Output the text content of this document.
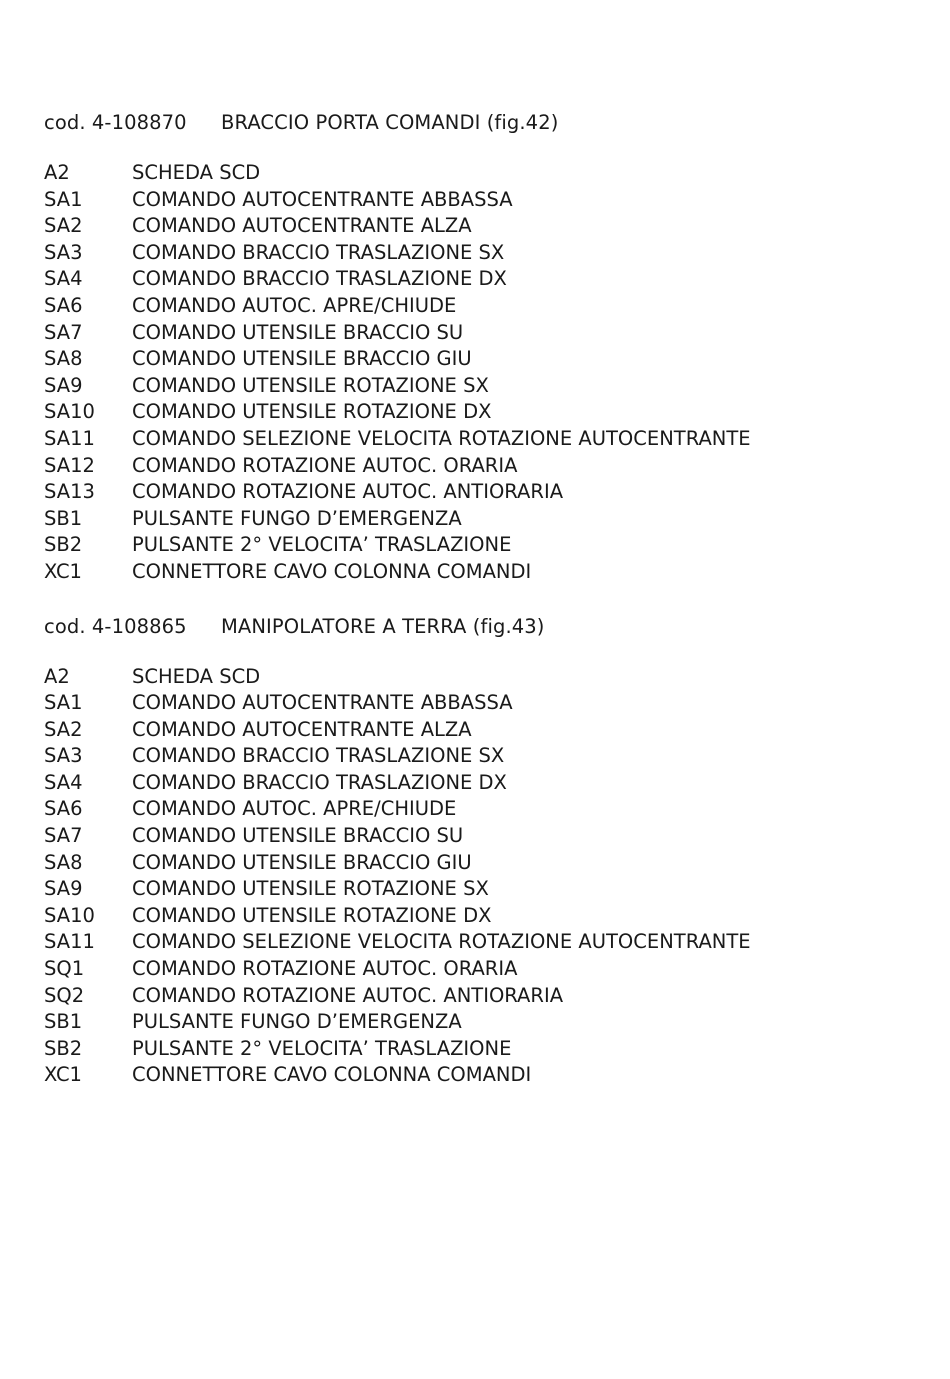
cod. 4-108870	BRACCIO PORTA COMANDI (fig.42)
A2	SCHEDA SCD
SA1	COMANDO AUTOCENTRANTE ABBASSA
SA2	COMANDO AUTOCENTRANTE ALZA
SA3	COMANDO BRACCIO TRASLAZIONE SX
SA4	COMANDO BRACCIO TRASLAZIONE DX
SA6	COMANDO AUTOC. APRE/CHIUDE
SA7	COMANDO UTENSILE BRACCIO SU
SA8	COMANDO UTENSILE BRACCIO GIU
SA9	COMANDO UTENSILE ROTAZIONE SX
SA10	COMANDO UTENSILE ROTAZIONE DX
SA11	COMANDO SELEZIONE VELOCITA ROTAZIONE AUTOCENTRANTE
SA12	COMANDO ROTAZIONE AUTOC. ORARIA
SA13	COMANDO ROTAZIONE AUTOC. ANTIORARIA
SB1	PULSANTE FUNGO D’EMERGENZA
SB2	PULSANTE 2° VELOCITA’ TRASLAZIONE
XC1	CONNETTORE CAVO COLONNA COMANDI
cod. 4-108865	MANIPOLATORE A TERRA (fig.43)
A2	SCHEDA SCD
SA1	COMANDO AUTOCENTRANTE ABBASSA
SA2	COMANDO AUTOCENTRANTE ALZA
SA3	COMANDO BRACCIO TRASLAZIONE SX
SA4	COMANDO BRACCIO TRASLAZIONE DX
SA6	COMANDO AUTOC. APRE/CHIUDE
SA7	COMANDO UTENSILE BRACCIO SU
SA8	COMANDO UTENSILE BRACCIO GIU
SA9	COMANDO UTENSILE ROTAZIONE SX
SA10	COMANDO UTENSILE ROTAZIONE DX
SA11	COMANDO SELEZIONE VELOCITA ROTAZIONE AUTOCENTRANTE
SQ1	COMANDO ROTAZIONE AUTOC. ORARIA
SQ2	COMANDO ROTAZIONE AUTOC. ANTIORARIA
SB1	PULSANTE FUNGO D’EMERGENZA
SB2	PULSANTE 2° VELOCITA’ TRASLAZIONE
XC1	CONNETTORE CAVO COLONNA COMANDI
